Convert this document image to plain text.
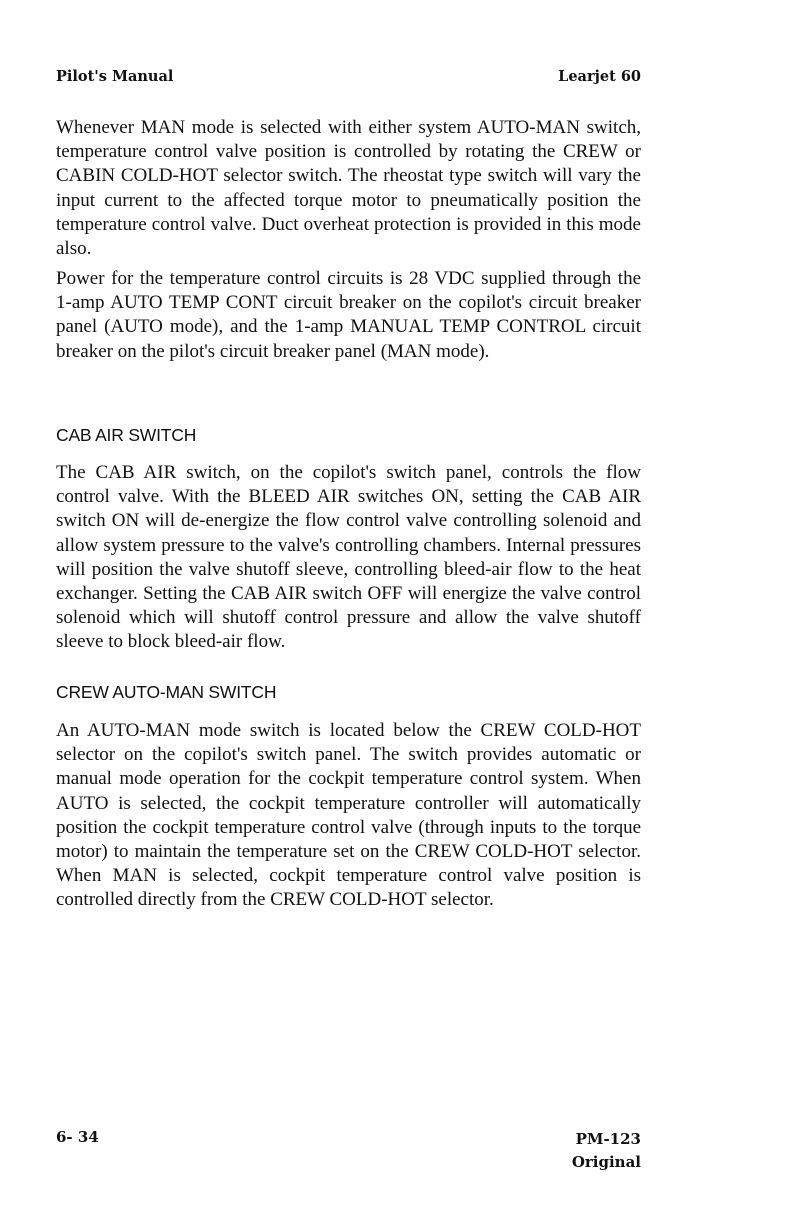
Pilot's Manual	Learjet 60

Whenever MAN mode is selected with either system AUTO-MAN switch, temperature control valve position is controlled by rotating the CREW or CABIN COLD-HOT selector switch. The rheostat type switch will vary the input current to the affected torque motor to pneumatically position the temperature control valve. Duct overheat protection is provided in this mode also.

Power for the temperature control circuits is 28 VDC supplied through the 1-amp AUTO TEMP CONT circuit breaker on the copilot's circuit breaker panel (AUTO mode), and the 1-amp MANUAL TEMP CONTROL circuit breaker on the pilot's circuit breaker panel (MAN mode).

CAB AIR SWITCH

The CAB AIR switch, on the copilot's switch panel, controls the flow control valve. With the BLEED AIR switches ON, setting the CAB AIR switch ON will de-energize the flow control valve controlling solenoid and allow system pressure to the valve's controlling chambers. Internal pressures will position the valve shutoff sleeve, controlling bleed-air flow to the heat exchanger. Setting the CAB AIR switch OFF will energize the valve control solenoid which will shutoff control pressure and allow the valve shutoff sleeve to block bleed-air flow.

CREW AUTO-MAN SWITCH

An AUTO-MAN mode switch is located below the CREW COLD-HOT selector on the copilot's switch panel. The switch provides automatic or manual mode operation for the cockpit temperature control system. When AUTO is selected, the cockpit temperature controller will automatically position the cockpit temperature control valve (through inputs to the torque motor) to maintain the temperature set on the CREW COLD-HOT selector. When MAN is selected, cockpit temperature control valve position is controlled directly from the CREW COLD-HOT selector.

6- 34	PM-123
Original
